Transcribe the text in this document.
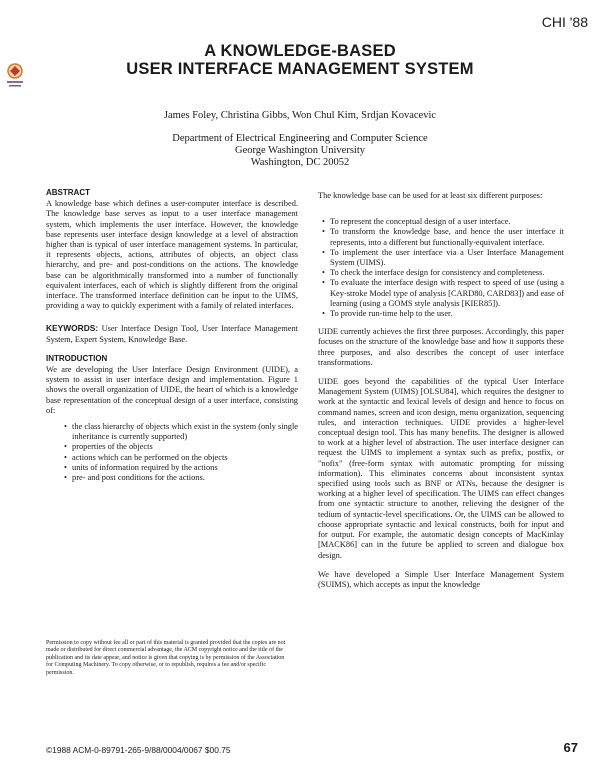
CHI '88
A KNOWLEDGE-BASED
USER INTERFACE MANAGEMENT SYSTEM
James Foley, Christina Gibbs, Won Chul Kim, Srdjan Kovacevic
Department of Electrical Engineering and Computer Science
George Washington University
Washington, DC 20052
ABSTRACT

A knowledge base which defines a user-computer interface is described. The knowledge base serves as input to a user interface management system, which implements the user interface. However, the knowledge base represents user interface design knowledge at a level of abstraction higher than is typical of user interface management systems. In particular, it represents objects, actions, attributes of objects, an object class hierarchy, and pre- and post-conditions on the actions. The knowledge base can be algorithmically transformed into a number of functionally equivalent interfaces, each of which is slightly different from the original interface. The transformed interface definition can be input to the UIMS, providing a way to quickly experiment with a family of related interfaces.

KEYWORDS: User Interface Design Tool, User Interface Management System, Expert System, Knowledge Base.

INTRODUCTION

We are developing the User Interface Design Environment (UIDE), a system to assist in user interface design and implementation. Figure 1 shows the overall organization of UIDE, the heart of which is a knowledge base representation of the conceptual design of a user interface, consisting of:

• the class hierarchy of objects which exist in the system (only single inheritance is currently supported)
• properties of the objects
• actions which can be performed on the objects
• units of information required by the actions
• pre- and post conditions for the actions.
Permission to copy without fee all or part of this material is granted provided that the copies are not made or distributed for direct commercial advantage, the ACM copyright notice and the title of the publication and its date appear, and notice is given that copying is by permission of the Association for Computing Machinery. To copy otherwise, or to republish, requires a fee and/or specific permission.
©1988 ACM-0-89791-265-9/88/0004/0067 $00.75

The knowledge base can be used for at least six different purposes:

• To represent the conceptual design of a user interface.
• To transform the knowledge base, and hence the user interface it represents, into a different but functionally-equivalent interface.
• To implement the user interface via a User Interface Management System (UIMS).
• To check the interface design for consistency and completeness.
• To evaluate the interface design with respect to speed of use (using a Key-stroke Model type of analysis [CARD80, CARD83]) and ease of learning (using a GOMS style analysis [KIER85]).
• To provide run-time help to the user.

UIDE currently achieves the first three purposes. Accordingly, this paper focuses on the structure of the knowledge base and how it supports these three purposes, and also describes the concept of user interface transformations.

UIDE goes beyond the capabilities of the typical User Interface Management System (UIMS) [OLSU84], which requires the designer to work at the syntactic and lexical levels of design and hence to focus on command names, screen and icon design, menu organization, sequencing rules, and interaction techniques. UIDE provides a higher-level conceptual design tool. This has many benefits. The designer is allowed to work at a higher level of abstraction. The user interface designer can request the UIMS to implement a syntax such as prefix, postfix, or "nofix" (free-form syntax with automatic prompting for missing information). This eliminates concerns about inconsistent syntax specified using tools such as BNF or ATNs, because the designer is working at a higher level of specification. The UIMS can effect changes from one syntactic structure to another, relieving the designer of the tedium of syntactic-level specifications. Or, the UIMS can be allowed to choose appropriate syntactic and lexical constructs, both for input and for output. For example, the automatic design concepts of MacKinlay [MACK86] can in the future be applied to screen and dialogue box design.

We have developed a Simple User Interface Management System (SUIMS), which accepts as input the knowledge

67
